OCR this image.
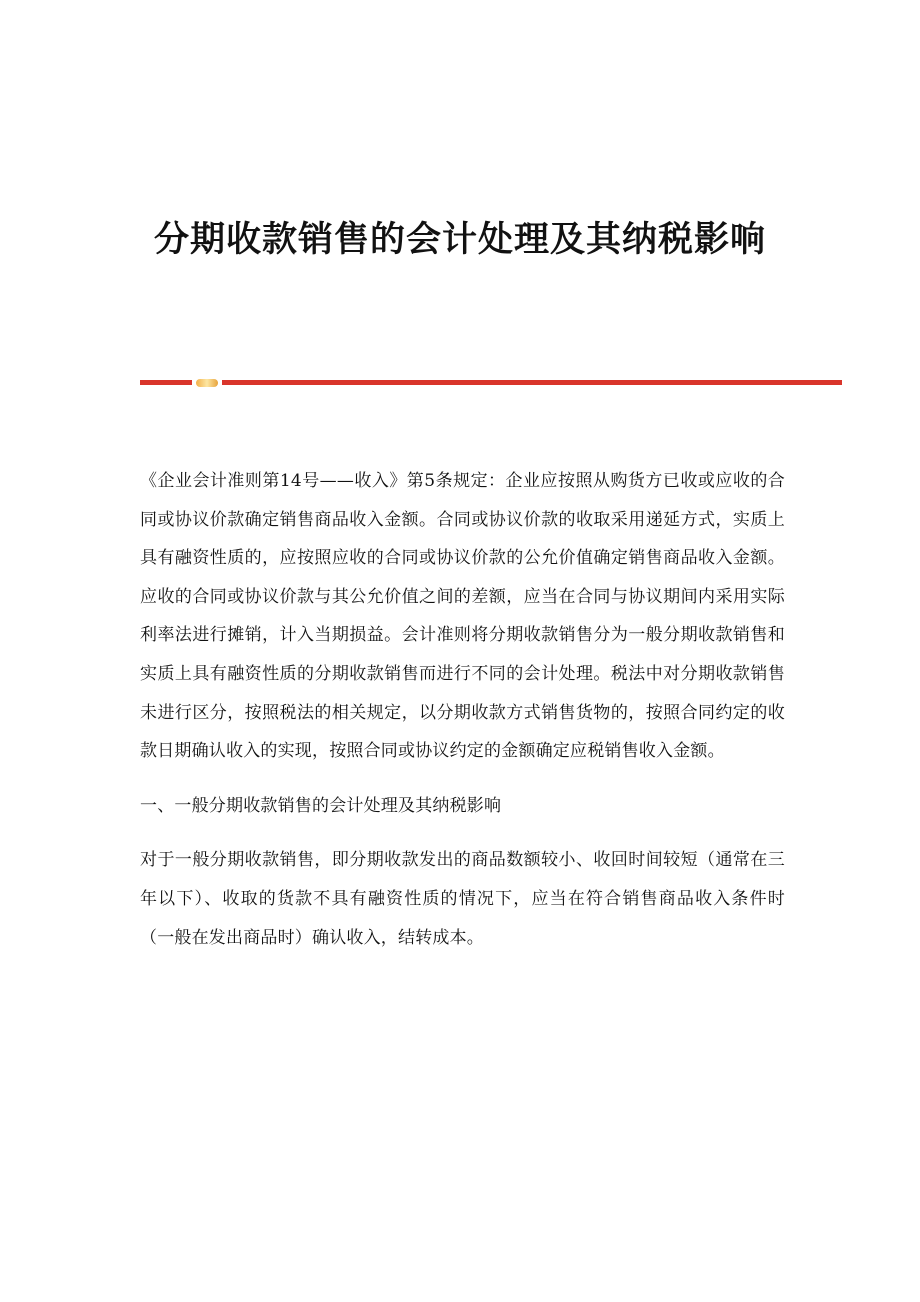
分期收款销售的会计处理及其纳税影响

《企业会计准则第14号——收入》第5条规定：企业应按照从购货方已收或应收的合同或协议价款确定销售商品收入金额。合同或协议价款的收取采用递延方式，实质上具有融资性质的，应按照应收的合同或协议价款的公允价值确定销售商品收入金额。应收的合同或协议价款与其公允价值之间的差额，应当在合同与协议期间内采用实际利率法进行摊销，计入当期损益。会计准则将分期收款销售分为一般分期收款销售和实质上具有融资性质的分期收款销售而进行不同的会计处理。税法中对分期收款销售未进行区分，按照税法的相关规定，以分期收款方式销售货物的，按照合同约定的收款日期确认收入的实现，按照合同或协议约定的金额确定应税销售收入金额。

一、一般分期收款销售的会计处理及其纳税影响

对于一般分期收款销售，即分期收款发出的商品数额较小、收回时间较短（通常在三年以下）、收取的货款不具有融资性质的情况下，应当在符合销售商品收入条件时（一般在发出商品时）确认收入，结转成本。
